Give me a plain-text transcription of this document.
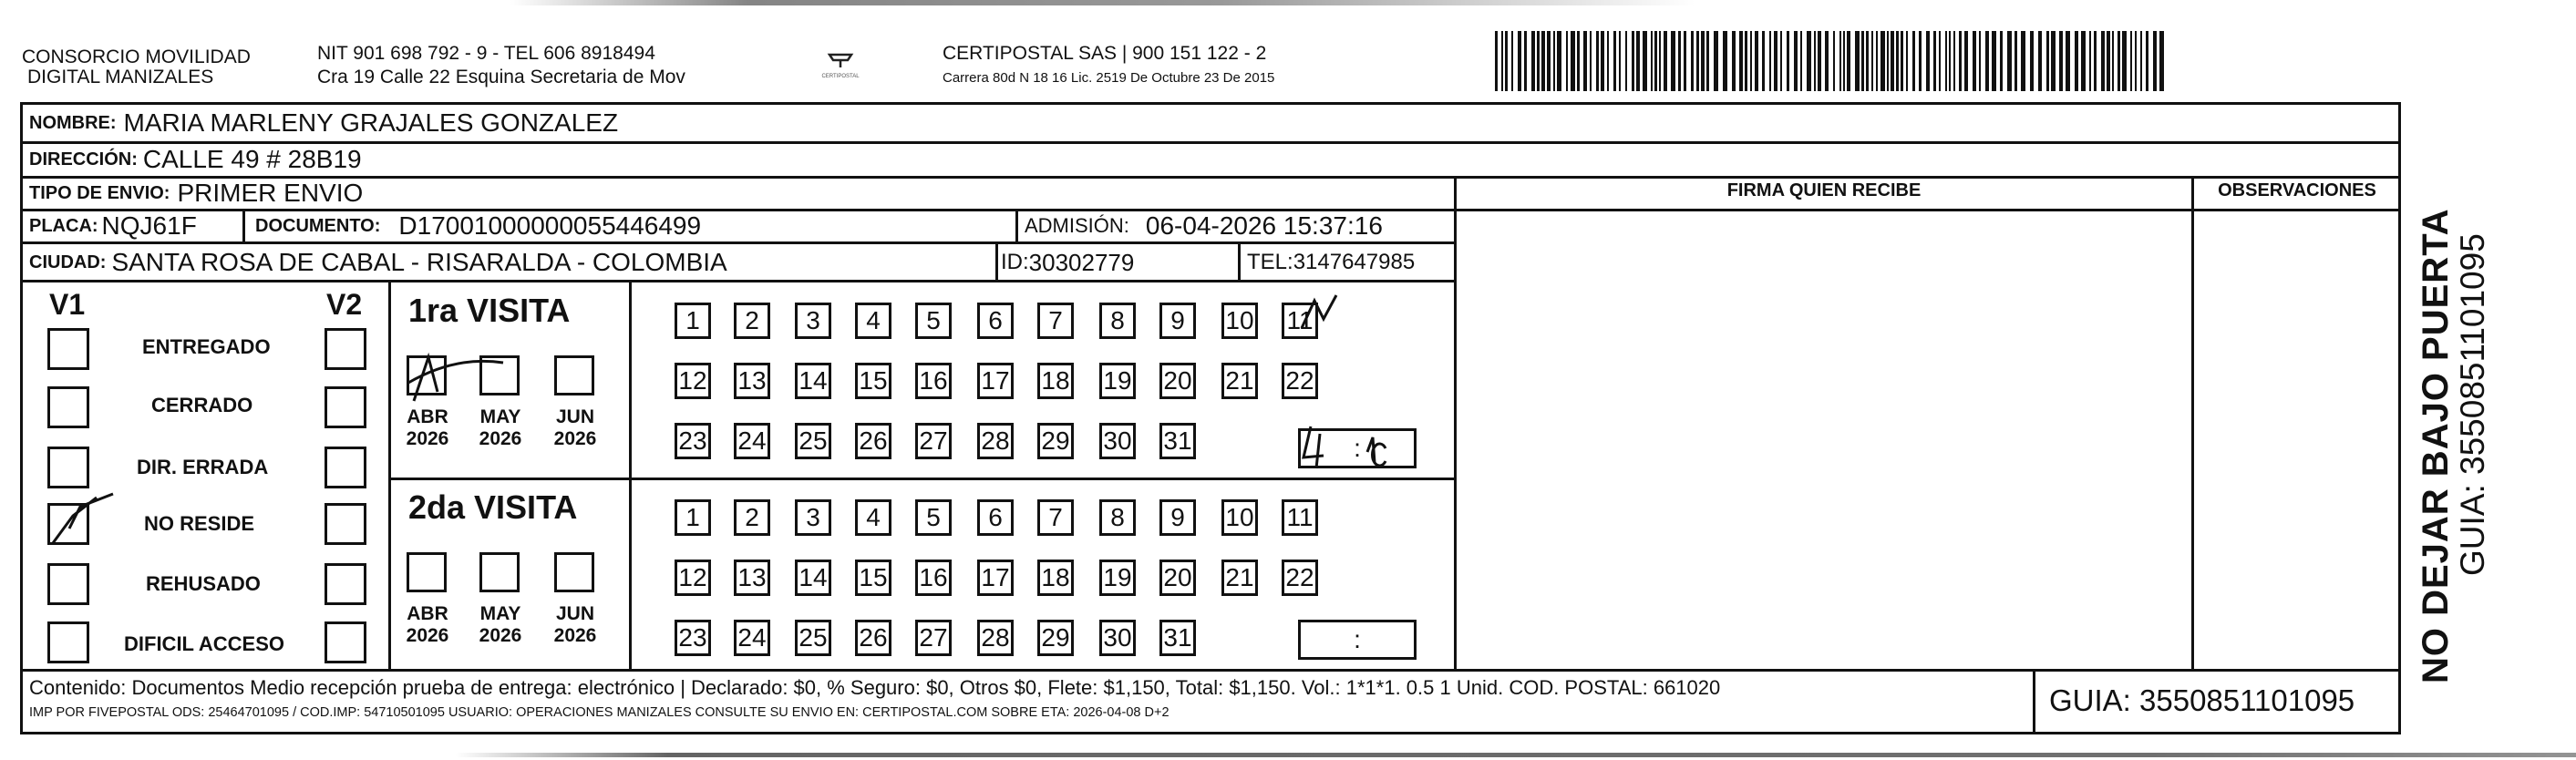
CONSORCIO MOVILIDAD
DIGITAL MANIZALES
NIT 901 698 792 - 9 - TEL 606 8918494
Cra 19 Calle 22 Esquina Secretaria de Mov	CERTIPOSTAL
CERTIPOSTAL SAS | 900 151 122 - 2
Carrera 80d N 18 16 Lic. 2519 De Octubre 23 De 2015
NOMBRE: MARIA MARLENY GRAJALES GONZALEZ
DIRECCIÓN: CALLE 49 # 28B19
TIPO DE ENVIO: PRIMER ENVIO	FIRMA QUIEN RECIBE	OBSERVACIONES
PLACA: NQJ61F	DOCUMENTO: D17001000000055446499	ADMISIÓN: 06-04-2026 15:37:16
CIUDAD: SANTA ROSA DE CABAL - RISARALDA - COLOMBIA	ID: 30302779	TEL: 3147647985
V1	V2
ENTREGADO
CERRADO
DIR. ERRADA
NO RESIDE
REHUSADO
DIFICIL ACCESO
1ra VISITA
ABR
2026
MAY
2026
JUN
2026
1	2	3	4	5	6	7	8	9	10 11
12 13 14 15 16 17 18 19 20 21 22
23 24 25 26 27 28 29 30 31	:
2da VISITA
ABR
2026
MAY
2026
JUN
2026
1	2	3	4	5	6	7	8	9	10 11
12 13 14 15 16 17 18 19 20 21 22
23 24 25 26 27 28 29 30 31	:
Contenido: Documentos Medio recepción prueba de entrega: electrónico | Declarado: $0, % Seguro: $0, Otros $0, Flete: $1,150, Total: $1,150. Vol.: 1*1*1. 0.5 1 Unid. COD. POSTAL: 661020
IMP POR FIVEPOSTAL ODS: 25464701095 / COD.IMP: 54710501095 USUARIO: OPERACIONES MANIZALES CONSULTE SU ENVIO EN: CERTIPOSTAL.COM SOBRE ETA: 2026-04-08 D+2	GUIA: 3550851101095
NO DEJAR BAJO PUERTA
GUIA: 3550851101095
